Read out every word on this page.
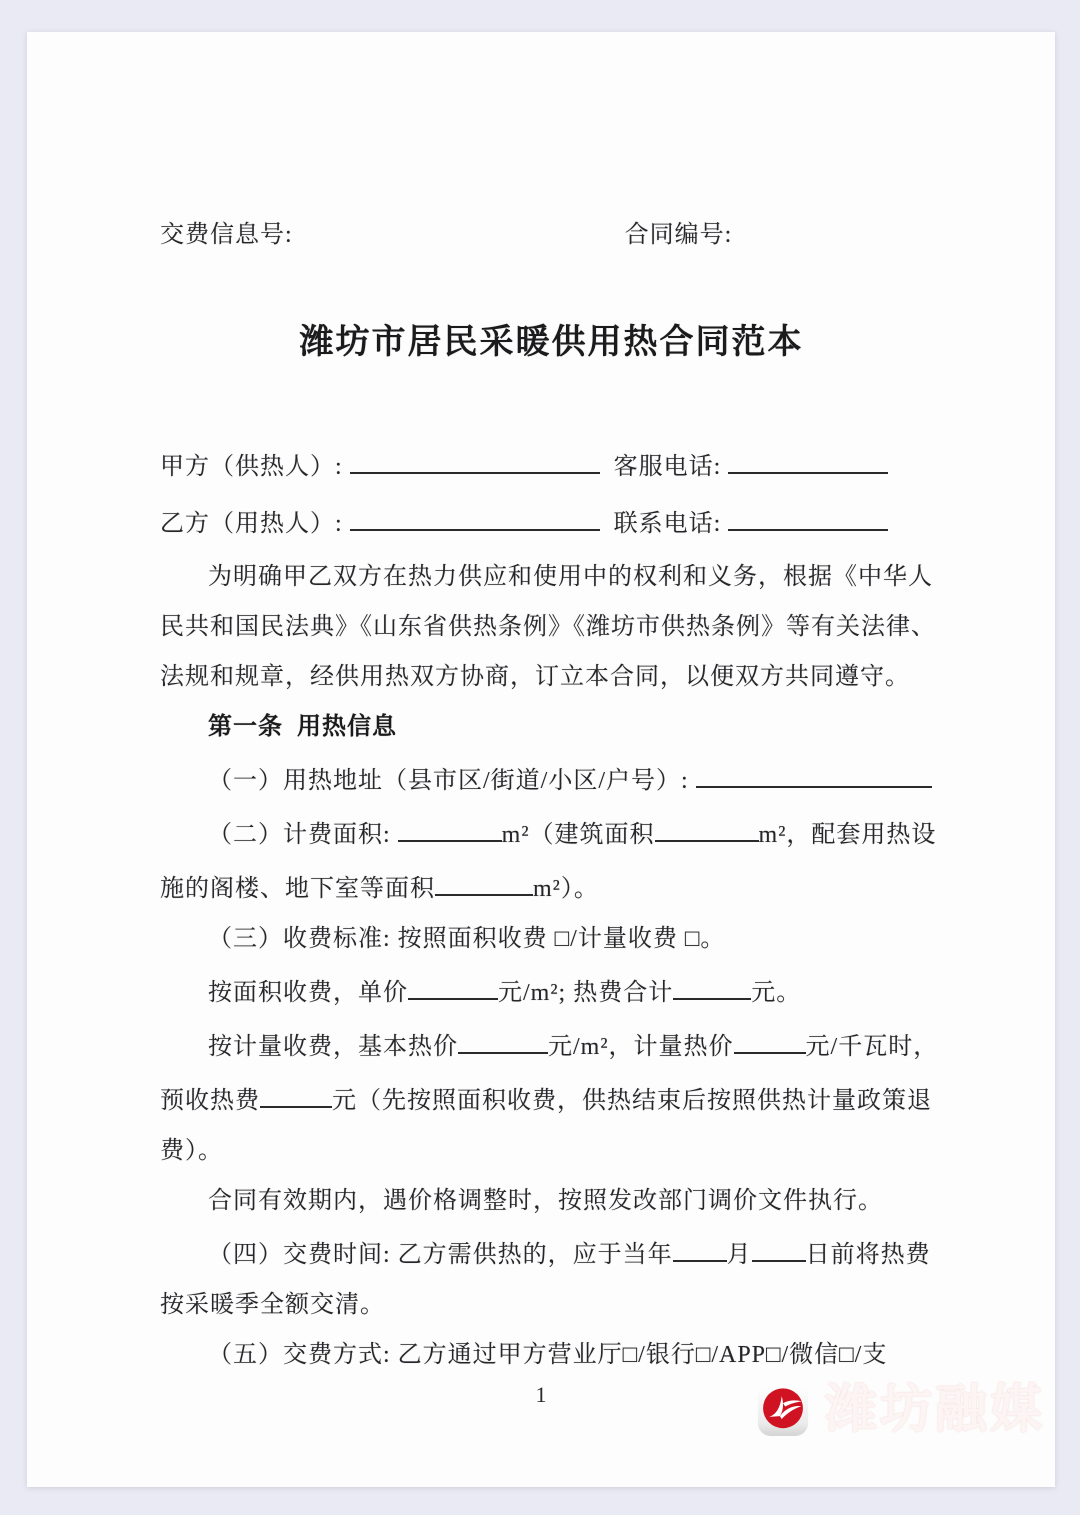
交费信息号:	合同编号:
潍坊市居民采暖供用热合同范本
甲方（供热人）:	客服电话:
乙方（用热人）:	联系电话:
为明确甲乙双方在热力供应和使用中的权利和义务，根据《中华人
民共和国民法典》《山东省供热条例》《潍坊市供热条例》等有关法律、
法规和规章，经供用热双方协商，订立本合同，以便双方共同遵守。
第一条  用热信息
（一）用热地址（县市区/街道/小区/户号）:
（二）计费面积:	m²（建筑面积	m²，配套用热设
施的阁楼、地下室等面积	m²）。
（三）收费标准: 按照面积收费 □/计量收费 □。
按面积收费，单价	元/m²; 热费合计	元。
按计量收费，基本热价	元/m²，计量热价	元/千瓦时，
预收热费	元（先按照面积收费，供热结束后按照供热计量政策退
费）。
合同有效期内，遇价格调整时，按照发改部门调价文件执行。
（四）交费时间: 乙方需供热的，应于当年 月 日前将热费
按采暖季全额交清。
（五）交费方式: 乙方通过甲方营业厅□/银行□/APP□/微信□/支
1	潍坊融媒
